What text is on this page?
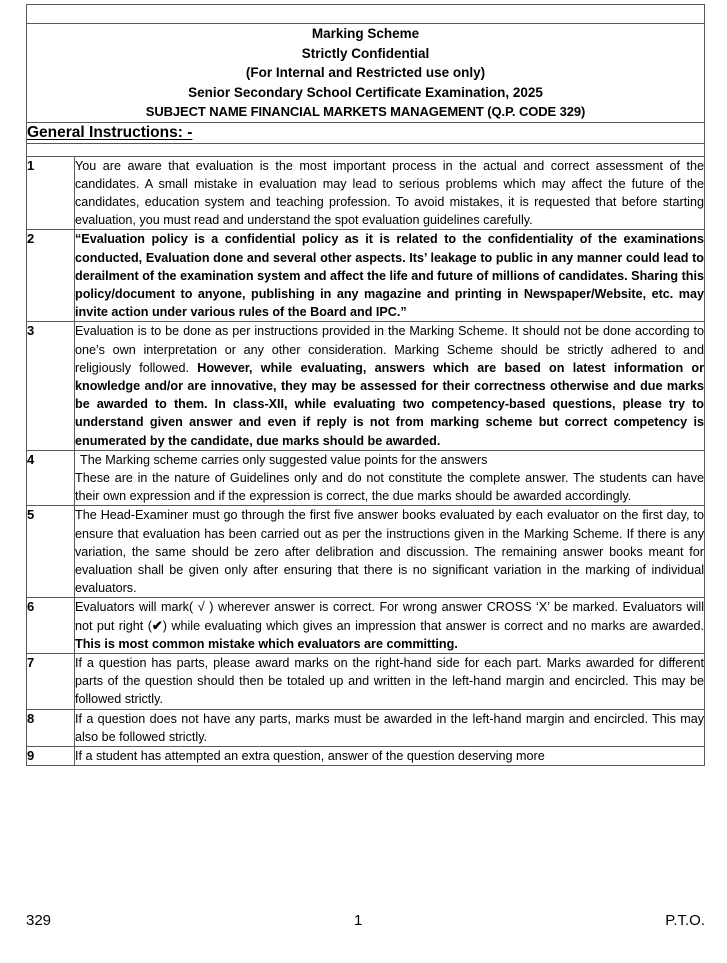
Marking Scheme
Strictly Confidential
(For Internal and Restricted use only)
Senior Secondary School Certificate Examination, 2025
SUBJECT NAME FINANCIAL MARKETS MANAGEMENT (Q.P. CODE 329)	

General Instructions: -	

1	You are aware that evaluation is the most important process in the actual and correct assessment of the candidates. A small mistake in evaluation may lead to serious problems which may affect the future of the candidates, education system and teaching profession. To avoid mistakes, it is requested that before starting evaluation, you must read and understand the spot evaluation guidelines carefully.

2	“Evaluation policy is a confidential policy as it is related to the confidentiality of the examinations conducted, Evaluation done and several other aspects. Its’ leakage to public in any manner could lead to derailment of the examination system and affect the life and future of millions of candidates. Sharing this policy/document to anyone, publishing in any magazine and printing in Newspaper/Website, etc. may invite action under various rules of the Board and IPC.”

3	Evaluation is to be done as per instructions provided in the Marking Scheme. It should not be done according to one’s own interpretation or any other consideration. Marking Scheme should be strictly adhered to and religiously followed. However, while evaluating, answers which are based on latest information or knowledge and/or are innovative, they may be assessed for their correctness otherwise and due marks be awarded to them. In class-XII, while evaluating two competency-based questions, please try to understand given answer and even if reply is not from marking scheme but correct competency is enumerated by the candidate, due marks should be awarded.

4	The Marking scheme carries only suggested value points for the answers

These are in the nature of Guidelines only and do not constitute the complete answer. The students can have their own expression and if the expression is correct, the due marks should be awarded accordingly.

5	The Head-Examiner must go through the first five answer books evaluated by each evaluator on the first day, to ensure that evaluation has been carried out as per the instructions given in the Marking Scheme. If there is any variation, the same should be zero after delibration and discussion. The remaining answer books meant for evaluation shall be given only after ensuring that there is no significant variation in the marking of individual evaluators.

6	Evaluators will mark( √ ) wherever answer is correct. For wrong answer CROSS ‘X’ be marked. Evaluators will not put right (✔) while evaluating which gives an impression that answer is correct and no marks are awarded. This is most common mistake which evaluators are committing.

7	If a question has parts, please award marks on the right-hand side for each part. Marks awarded for different parts of the question should then be totaled up and written in the left-hand margin and encircled. This may be followed strictly.

8	If a question does not have any parts, marks must be awarded in the left-hand margin and encircled. This may also be followed strictly.

9	If a student has attempted an extra question, answer of the question deserving more

329	1	P.T.O.
